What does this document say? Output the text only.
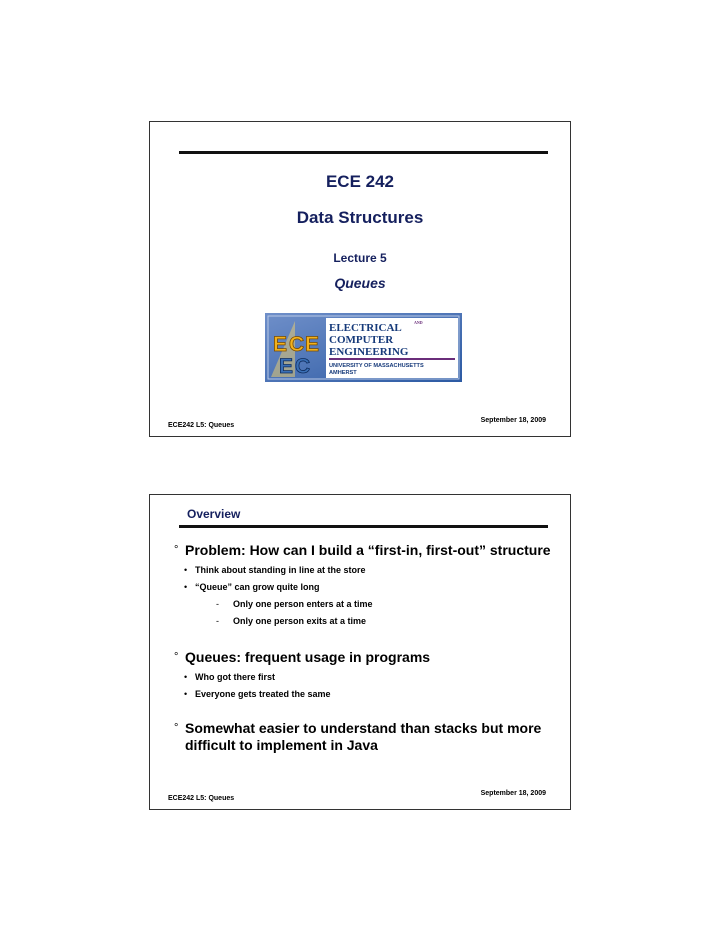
ECE 242
Data Structures
Lecture 5
Queues
E C E
E C
ELECTRICAL	AND
COMPUTER
ENGINEERING
UNIVERSITY OF MASSACHUSETTS
AMHERST
ECE242 L5: Queues
September 18, 2009
Overview
° Problem: How can I build a “first-in, first-out” structure
• Think about standing in line at the store
• “Queue” can grow quite long
- Only one person enters at a time
- Only one person exits at a time
° Queues: frequent usage in programs
• Who got there first
• Everyone gets treated the same
° Somewhat easier to understand than stacks but more difficult to implement in Java
ECE242 L5: Queues
September 18, 2009
